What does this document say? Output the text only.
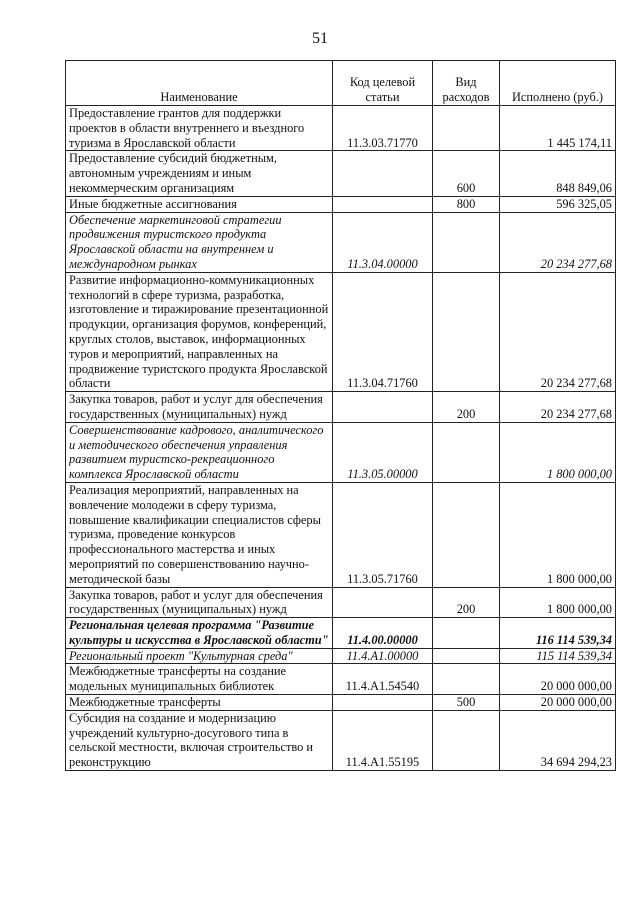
51
Наименование	Код целевой статьи	Вид расходов	Исполнено (руб.)
Предоставление грантов для поддержки проектов в области внутреннего и въездного туризма в Ярославской области	11.3.03.71770		1 445 174,11
Предоставление субсидий бюджетным, автономным учреждениям и иным некоммерческим организациям		600	848 849,06
Иные бюджетные ассигнования		800	596 325,05
Обеспечение маркетинговой стратегии продвижения туристского продукта Ярославской области на внутреннем и международном рынках	11.3.04.00000		20 234 277,68
Развитие информационно-коммуникационных технологий в сфере туризма, разработка, изготовление и тиражирование презентационной продукции, организация форумов, конференций, круглых столов, выставок, информационных туров и мероприятий, направленных на продвижение туристского продукта Ярославской области	11.3.04.71760		20 234 277,68
Закупка товаров, работ и услуг для обеспечения государственных (муниципальных) нужд		200	20 234 277,68
Совершенствование кадрового, аналитического и методического обеспечения управления развитием туристско-рекреационного комплекса Ярославской области	11.3.05.00000		1 800 000,00
Реализация мероприятий, направленных на вовлечение молодежи в сферу туризма, повышение квалификации специалистов сферы туризма, проведение конкурсов профессионального мастерства и иных мероприятий по совершенствованию научно-методической базы	11.3.05.71760		1 800 000,00
Закупка товаров, работ и услуг для обеспечения государственных (муниципальных) нужд		200	1 800 000,00
Региональная целевая программа "Развитие культуры и искусства в Ярославской области"	11.4.00.00000		116 114 539,34
Региональный проект "Культурная среда"	11.4.А1.00000		115 114 539,34
Межбюджетные трансферты на создание модельных муниципальных библиотек	11.4.А1.54540		20 000 000,00
Межбюджетные трансферты		500	20 000 000,00
Субсидия на создание и модернизацию учреждений культурно-досугового типа в сельской местности, включая строительство и реконструкцию	11.4.А1.55195		34 694 294,23
